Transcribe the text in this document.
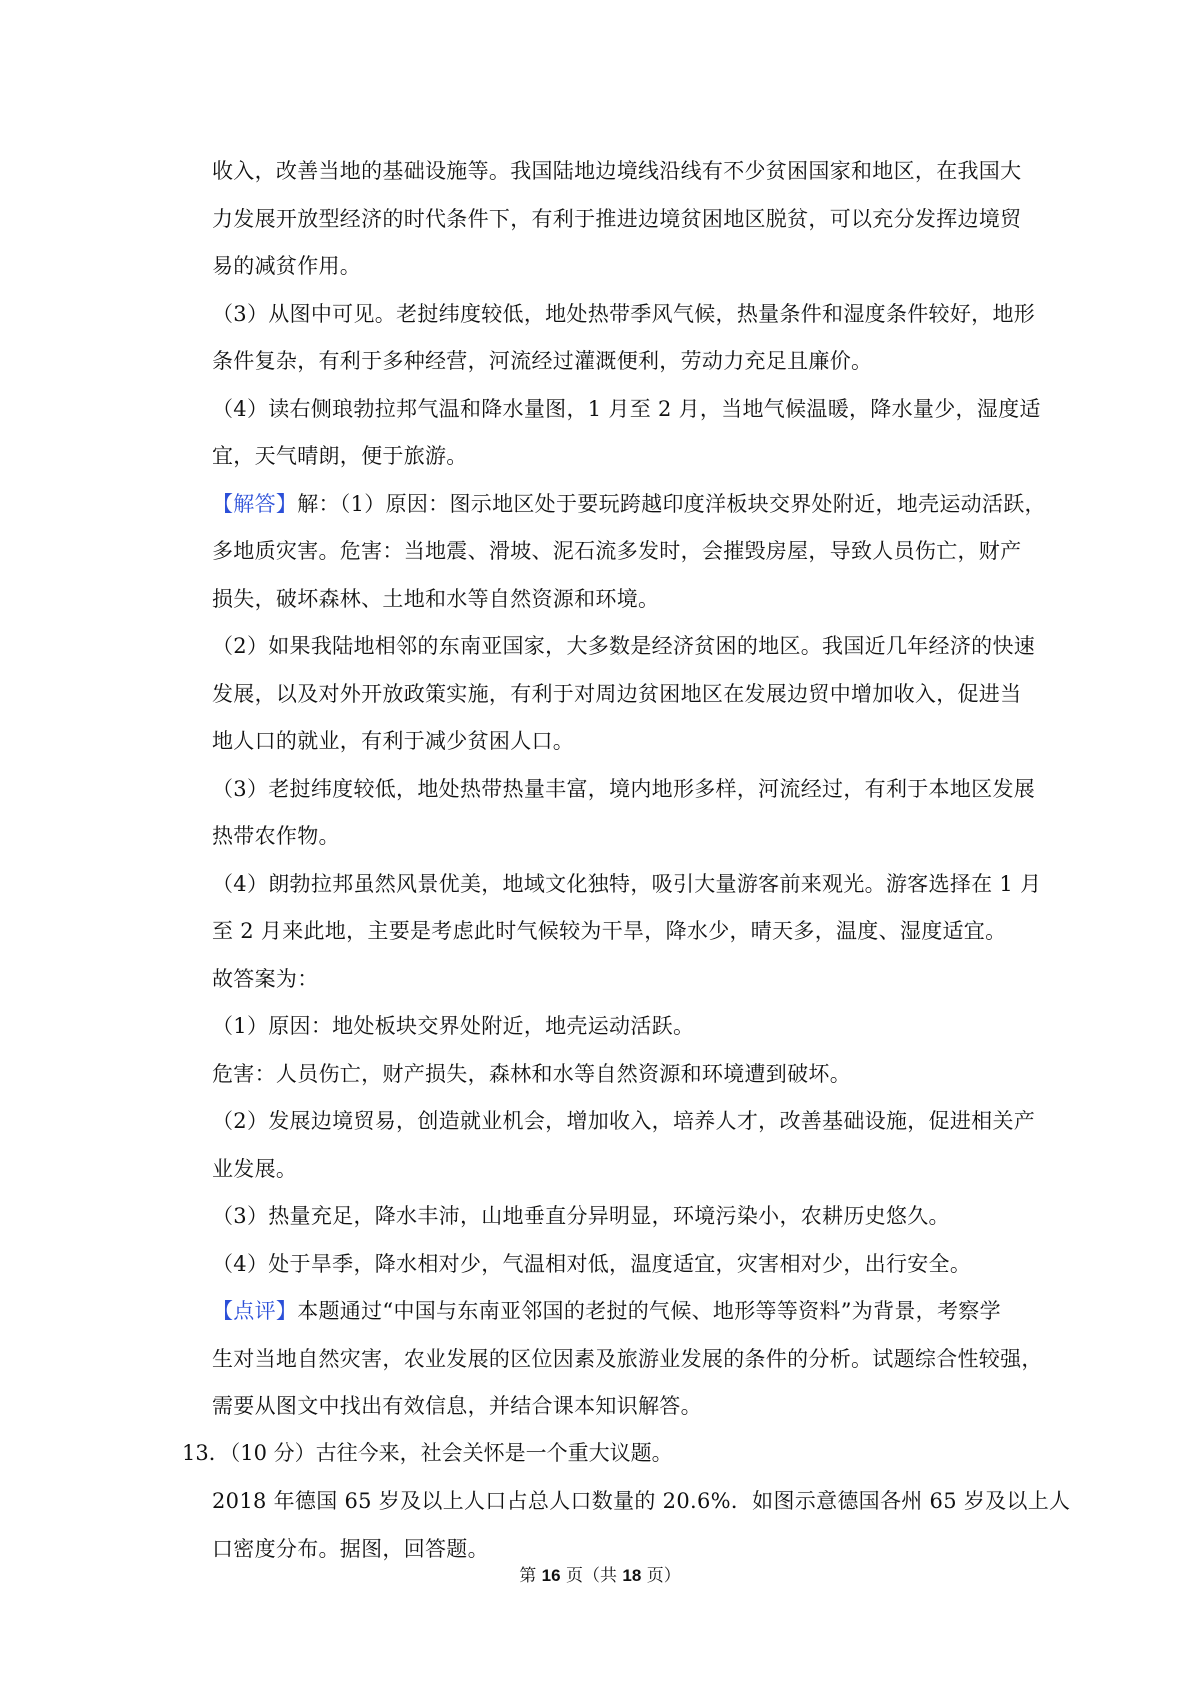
收入，改善当地的基础设施等。我国陆地边境线沿线有不少贫困国家和地区，在我国大
力发展开放型经济的时代条件下，有利于推进边境贫困地区脱贫，可以充分发挥边境贸
易的减贫作用。
（3）从图中可见。老挝纬度较低，地处热带季风气候，热量条件和湿度条件较好，地形
条件复杂，有利于多种经营，河流经过灌溉便利，劳动力充足且廉价。
（4）读右侧琅勃拉邦气温和降水量图，1 月至 2 月，当地气候温暖，降水量少，湿度适
宜，天气晴朗，便于旅游。
【解答】解：（1）原因：图示地区处于要玩跨越印度洋板块交界处附近，地壳运动活跃，
多地质灾害。危害：当地震、滑坡、泥石流多发时，会摧毁房屋，导致人员伤亡，财产
损失，破坏森林、土地和水等自然资源和环境。
（2）如果我陆地相邻的东南亚国家，大多数是经济贫困的地区。我国近几年经济的快速
发展，以及对外开放政策实施，有利于对周边贫困地区在发展边贸中增加收入，促进当
地人口的就业，有利于减少贫困人口。
（3）老挝纬度较低，地处热带热量丰富，境内地形多样，河流经过，有利于本地区发展
热带农作物。
（4）朗勃拉邦虽然风景优美，地域文化独特，吸引大量游客前来观光。游客选择在 1 月
至 2 月来此地，主要是考虑此时气候较为干旱，降水少，晴天多，温度、湿度适宜。
故答案为：
（1）原因：地处板块交界处附近，地壳运动活跃。
危害：人员伤亡，财产损失，森林和水等自然资源和环境遭到破坏。
（2）发展边境贸易，创造就业机会，增加收入，培养人才，改善基础设施，促进相关产
业发展。
（3）热量充足，降水丰沛，山地垂直分异明显，环境污染小，农耕历史悠久。
（4）处于旱季，降水相对少，气温相对低，温度适宜，灾害相对少，出行安全。
【点评】本题通过“中国与东南亚邻国的老挝的气候、地形等等资料”为背景，考察学
生对当地自然灾害，农业发展的区位因素及旅游业发展的条件的分析。试题综合性较强，
需要从图文中找出有效信息，并结合课本知识解答。
13．（10 分）古往今来，社会关怀是一个重大议题。
2018 年德国 65 岁及以上人口占总人口数量的 20.6%．如图示意德国各州 65 岁及以上人
口密度分布。据图，回答题。
第 16 页（共 18 页）
